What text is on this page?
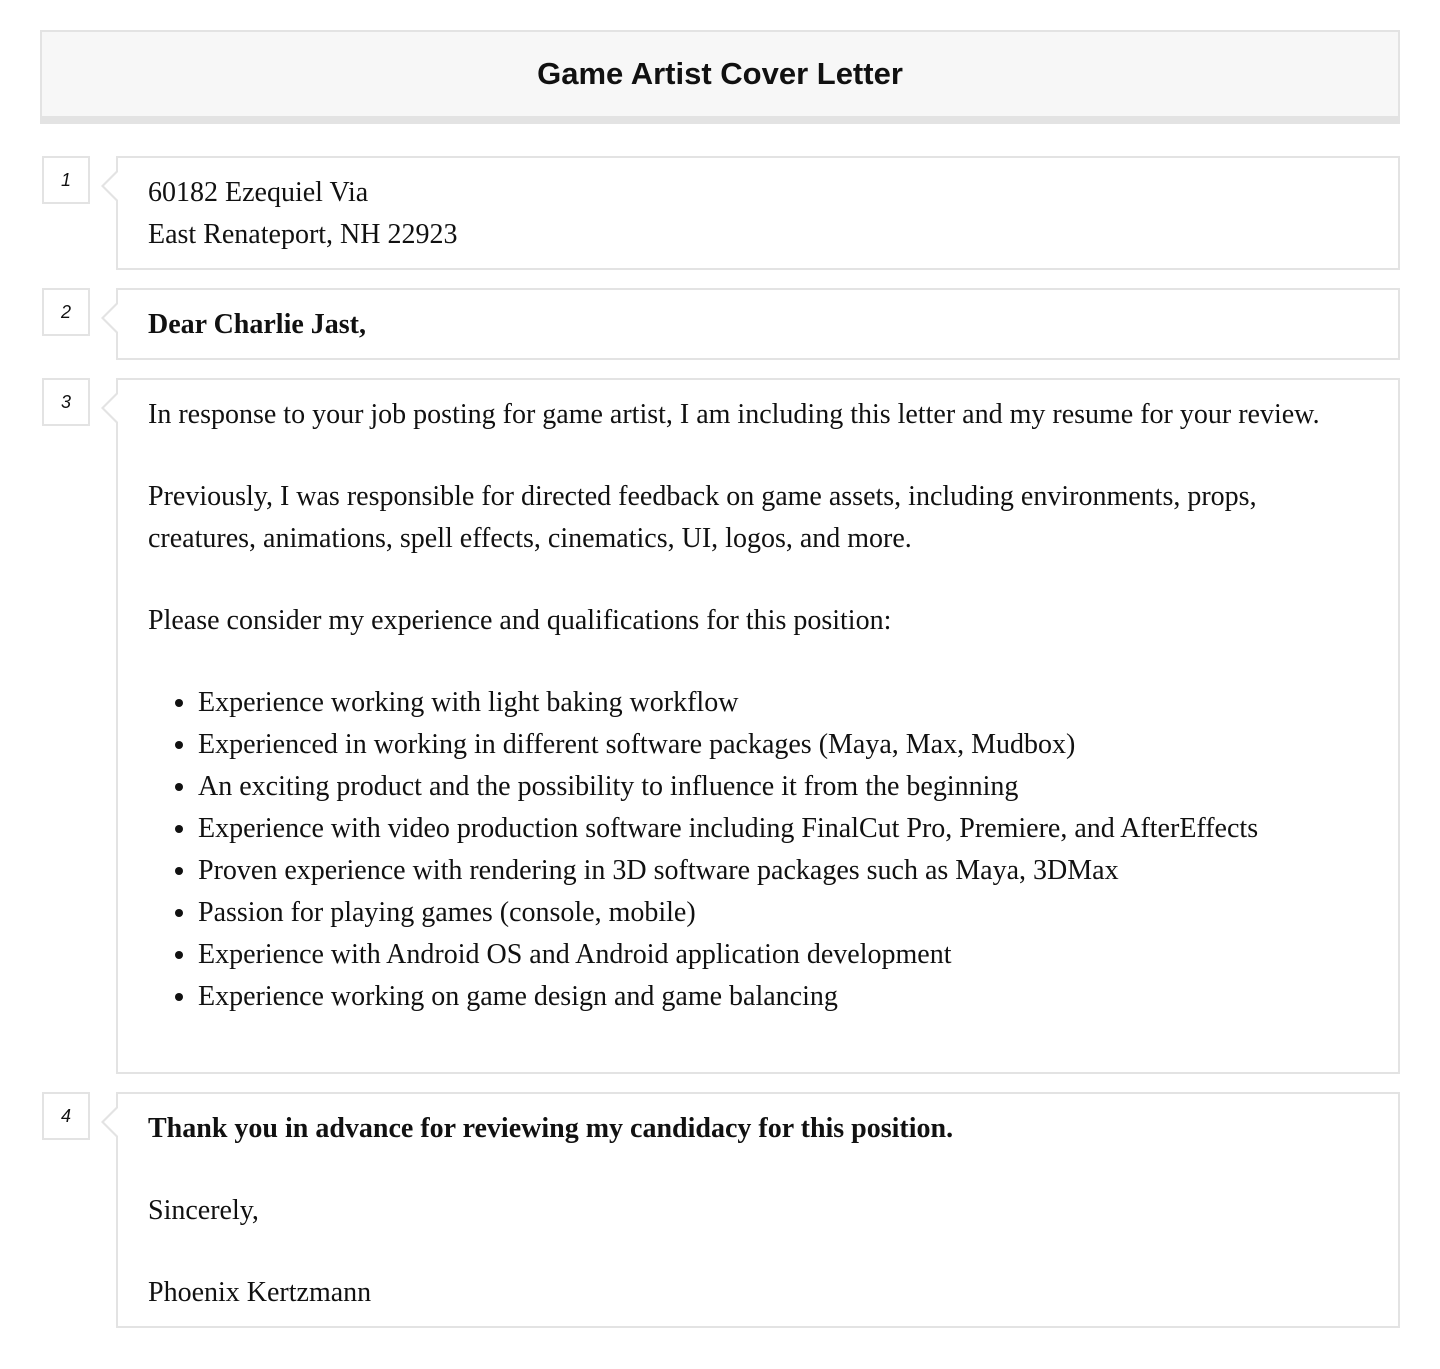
Game Artist Cover Letter
1	60182 Ezequiel Via

East Renateport, NH 22923

2	Dear Charlie Jast,

3	In response to your job posting for game artist, I am including this letter and my resume for your review.

Previously, I was responsible for directed feedback on game assets, including environments, props, creatures, animations, spell effects, cinematics, UI, logos, and more.

Please consider my experience and qualifications for this position:

• Experience working with light baking workflow
• Experienced in working in different software packages (Maya, Max, Mudbox)
• An exciting product and the possibility to influence it from the beginning
• Experience with video production software including FinalCut Pro, Premiere, and AfterEffects
• Proven experience with rendering in 3D software packages such as Maya, 3DMax
• Passion for playing games (console, mobile)
• Experience with Android OS and Android application development
• Experience working on game design and game balancing
4	Thank you in advance for reviewing my candidacy for this position.

Sincerely,

Phoenix Kertzmann
